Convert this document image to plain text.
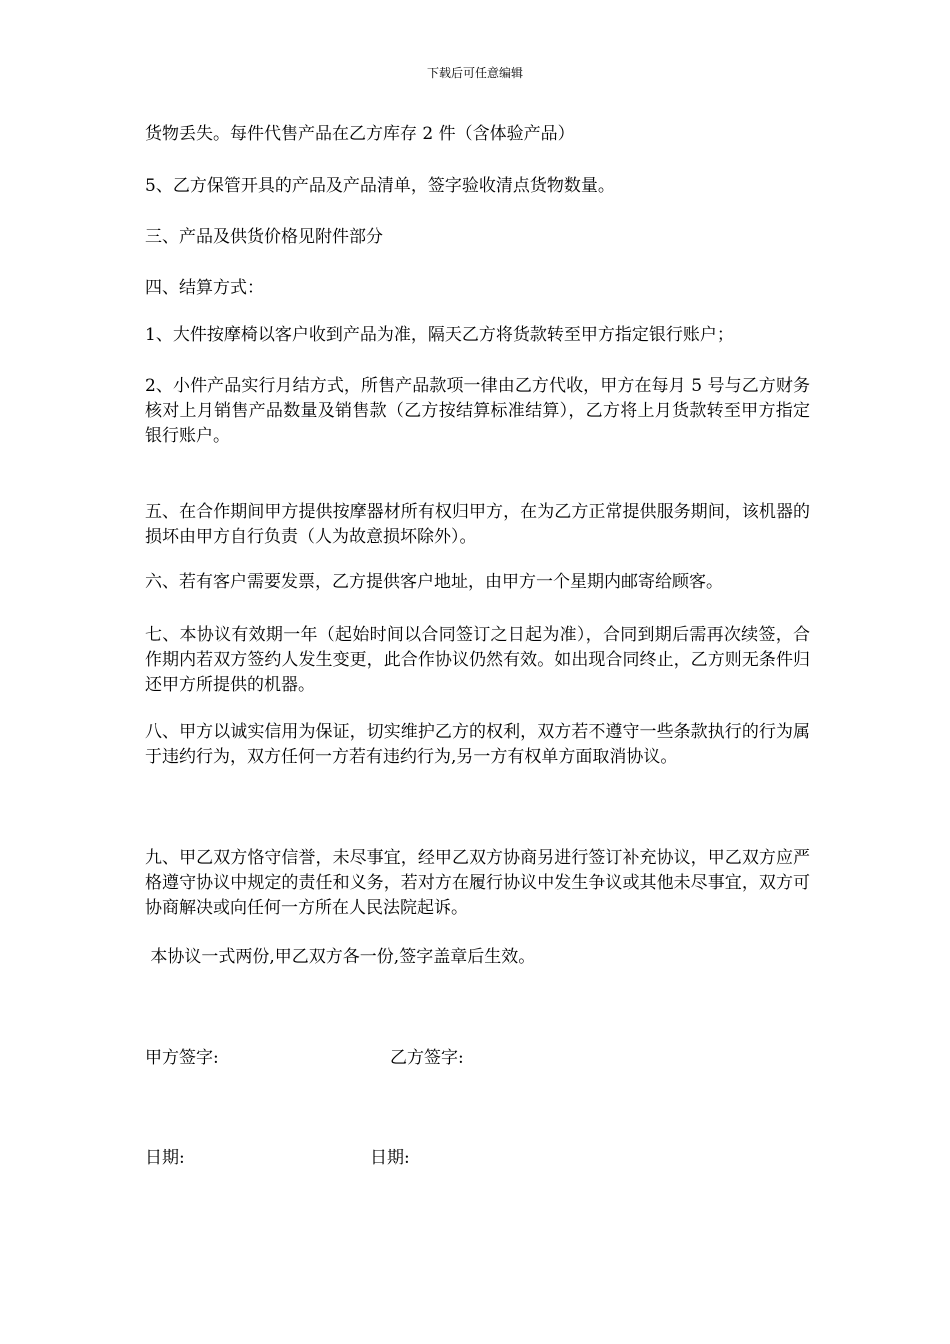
下载后可任意编辑
货物丢失。每件代售产品在乙方库存 2 件（含体验产品）
5、乙方保管开具的产品及产品清单，签字验收清点货物数量。
三、产品及供货价格见附件部分
四、结算方式：
1、大件按摩椅以客户收到产品为准，隔天乙方将货款转至甲方指定银行账户；
2、小件产品实行月结方式，所售产品款项一律由乙方代收，甲方在每月 5 号与乙方财务核对上月销售产品数量及销售款（乙方按结算标准结算），乙方将上月货款转至甲方指定银行账户。
五、在合作期间甲方提供按摩器材所有权归甲方，在为乙方正常提供服务期间，该机器的损坏由甲方自行负责（人为故意损坏除外）。
六、若有客户需要发票，乙方提供客户地址，由甲方一个星期内邮寄给顾客。
七、本协议有效期一年（起始时间以合同签订之日起为准），合同到期后需再次续签，合作期内若双方签约人发生变更，此合作协议仍然有效。如出现合同终止，乙方则无条件归还甲方所提供的机器。
八、甲方以诚实信用为保证，切实维护乙方的权利，双方若不遵守一些条款执行的行为属于违约行为，双方任何一方若有违约行为,另一方有权单方面取消协议。
九、甲乙双方恪守信誉，未尽事宜，经甲乙双方协商另进行签订补充协议，甲乙双方应严格遵守协议中规定的责任和义务，若对方在履行协议中发生争议或其他未尽事宜，双方可协商解决或向任何一方所在人民法院起诉。
本协议一式两份,甲乙双方各一份,签字盖章后生效。
甲方签字:	乙方签字:
日期:	日期:
